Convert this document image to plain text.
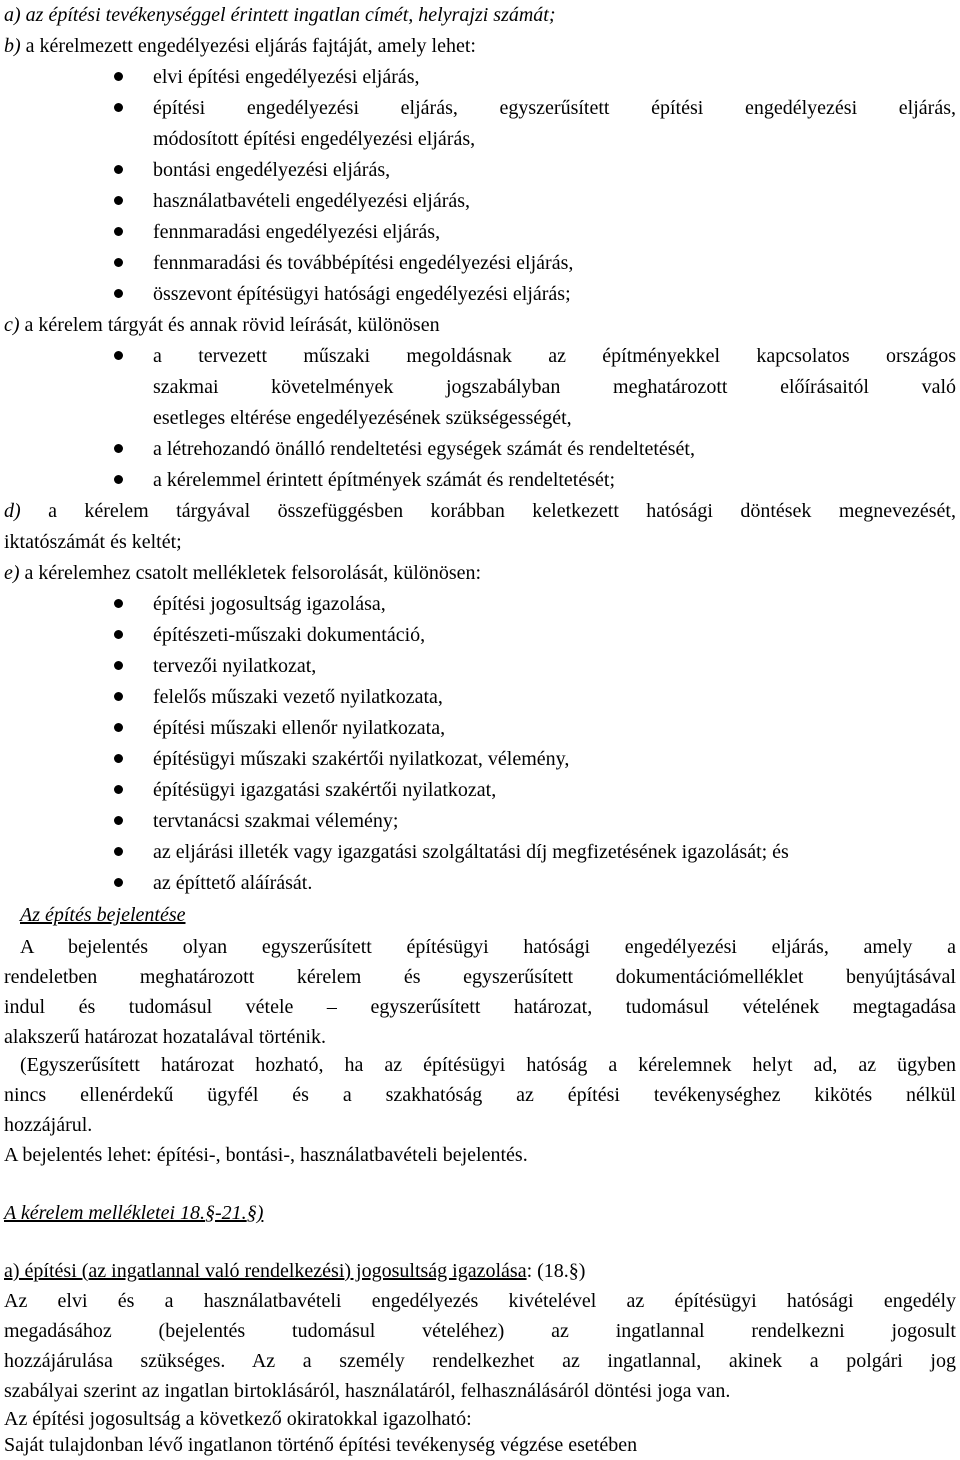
a) az építési tevékenységgel érintett ingatlan címét, helyrajzi számát;
b) a kérelmezett engedélyezési eljárás fajtáját, amely lehet:
elvi építési engedélyezési eljárás,
építési engedélyezési eljárás, egyszerűsített építési engedélyezési eljárás,
módosított építési engedélyezési eljárás,
bontási engedélyezési eljárás,
használatbavételi engedélyezési eljárás,
fennmaradási engedélyezési eljárás,
fennmaradási és továbbépítési engedélyezési eljárás,
összevont építésügyi hatósági engedélyezési eljárás;
c) a kérelem tárgyát és annak rövid leírását, különösen
a tervezett műszaki megoldásnak az építményekkel kapcsolatos országos
szakmai követelmények jogszabályban meghatározott előírásaitól való
esetleges eltérése engedélyezésének szükségességét,
a létrehozandó önálló rendeltetési egységek számát és rendeltetését,
a kérelemmel érintett építmények számát és rendeltetését;
d) a kérelem tárgyával összefüggésben korábban keletkezett hatósági döntések megnevezését,
iktatószámát és keltét;
e) a kérelemhez csatolt mellékletek felsorolását, különösen:
építési jogosultság igazolása,
építészeti-műszaki dokumentáció,
tervezői nyilatkozat,
felelős műszaki vezető nyilatkozata,
építési műszaki ellenőr nyilatkozata,
építésügyi műszaki szakértői nyilatkozat, vélemény,
építésügyi igazgatási szakértői nyilatkozat,
tervtanácsi szakmai vélemény;
az eljárási illeték vagy igazgatási szolgáltatási díj megfizetésének igazolását; és
az építtető aláírását.
Az építés bejelentése
A bejelentés olyan egyszerűsített építésügyi hatósági engedélyezési eljárás, amely a
rendeletben meghatározott kérelem és egyszerűsített dokumentációmelléklet benyújtásával
indul és tudomásul vétele – egyszerűsített határozat, tudomásul vételének megtagadása
alakszerű határozat hozatalával történik.
(Egyszerűsített határozat hozható, ha az építésügyi hatóság a kérelemnek helyt ad, az ügyben
nincs ellenérdekű ügyfél és a szakhatóság az építési tevékenységhez kikötés nélkül
hozzájárul.
A bejelentés lehet: építési-, bontási-, használatbavételi bejelentés.
A kérelem mellékletei 18.§-21.§)
a) építési (az ingatlannal való rendelkezési) jogosultság igazolása: (18.§)
Az elvi és a használatbavételi engedélyezés kivételével az építésügyi hatósági engedély
megadásához (bejelentés tudomásul vételéhez) az ingatlannal rendelkezni jogosult
hozzájárulása szükséges. Az a személy rendelkezhet az ingatlannal, akinek a polgári jog
szabályai szerint az ingatlan birtoklásáról, használatáról, felhasználásáról döntési joga van.
Az építési jogosultság a következő okiratokkal igazolható:
Saját tulajdonban lévő ingatlanon történő építési tevékenység végzése esetében
